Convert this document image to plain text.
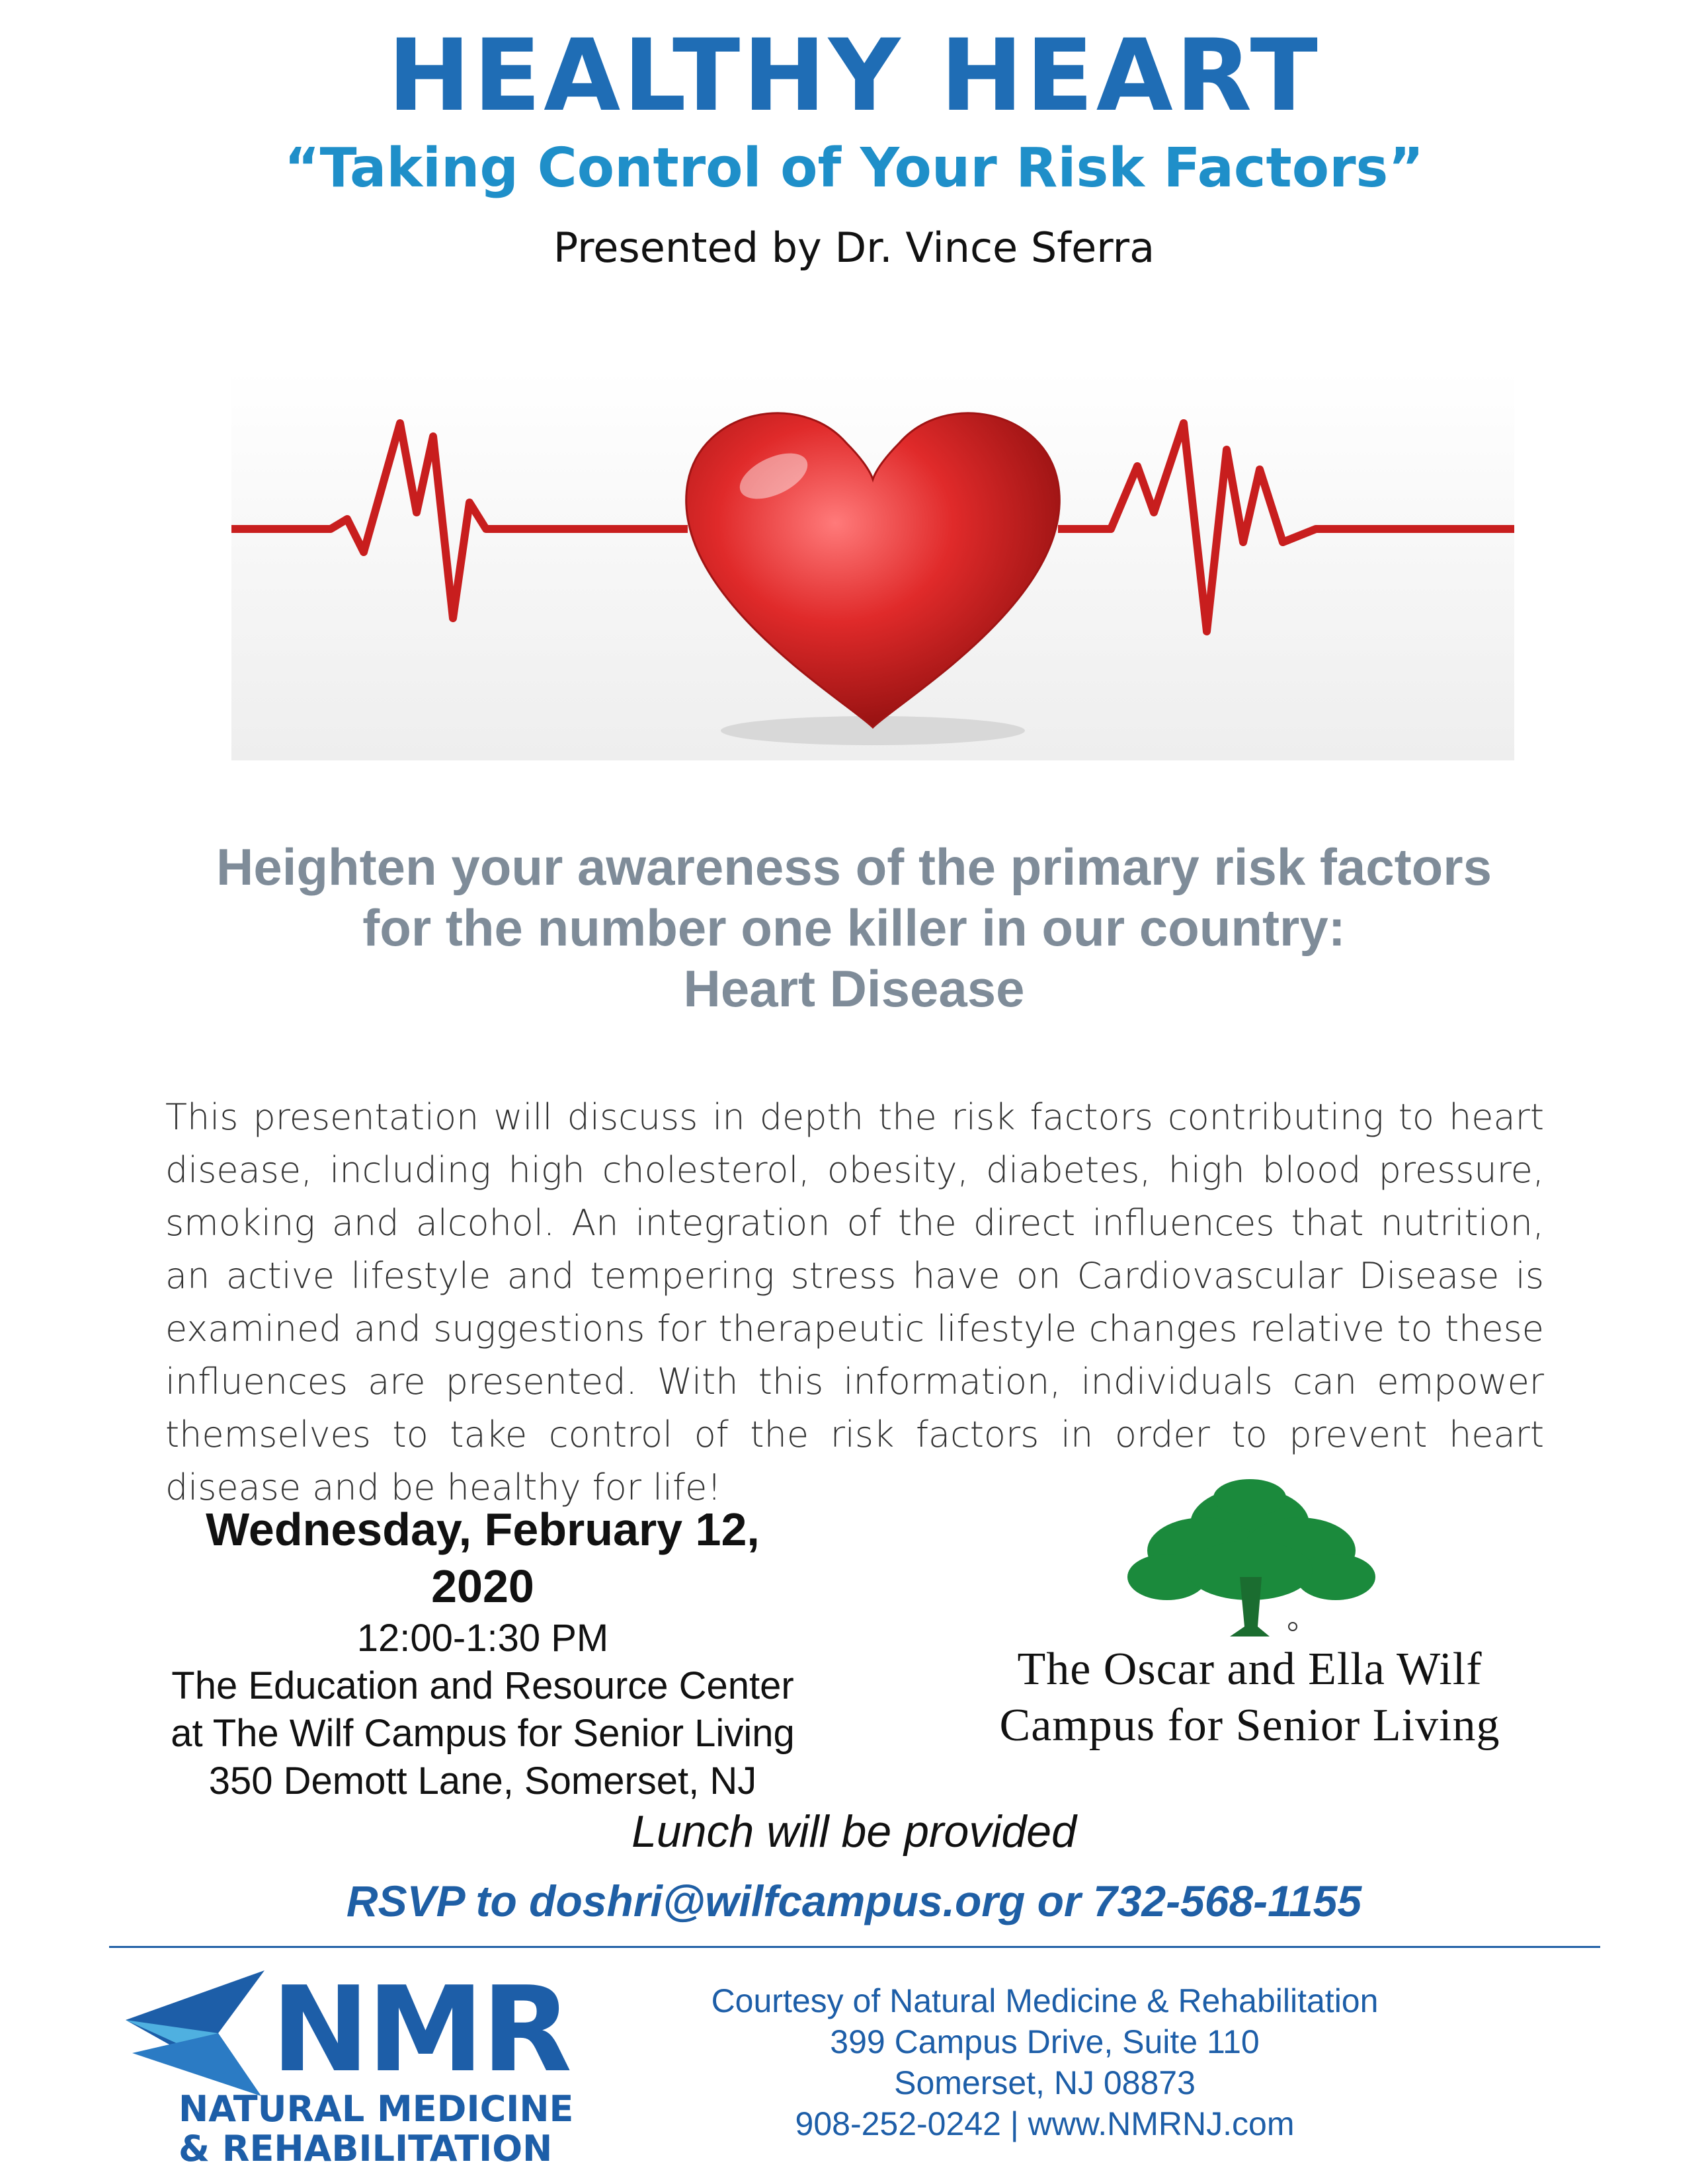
HEALTHY HEART
“Taking Control of Your Risk Factors”
Presented by Dr. Vince Sferra
Heighten your awareness of the primary risk factors
for the number one killer in our country:
Heart Disease
This presentation will discuss in depth the risk factors contributing to heart disease, including high cholesterol, obesity, diabetes, high blood pressure, smoking and alcohol. An integration of the direct influences that nutrition, an active lifestyle and tempering stress have on Cardiovascular Disease is examined and suggestions for therapeutic lifestyle changes relative to these influences are presented. With this information, individuals can empower themselves to take control of the risk factors in order to prevent heart disease and be healthy for life!
Wednesday, February 12, 2020
12:00-1:30 PM
The Education and Resource Center
at The Wilf Campus for Senior Living
350 Demott Lane, Somerset, NJ
The Oscar and Ella Wilf
Campus for Senior Living
Lunch will be provided
RSVP to doshri@wilfcampus.org or 732-568-1155
NMR
NATURAL MEDICINE
& REHABILITATION
Courtesy of Natural Medicine & Rehabilitation
399 Campus Drive, Suite 110
Somerset, NJ 08873
908-252-0242 | www.NMRNJ.com
